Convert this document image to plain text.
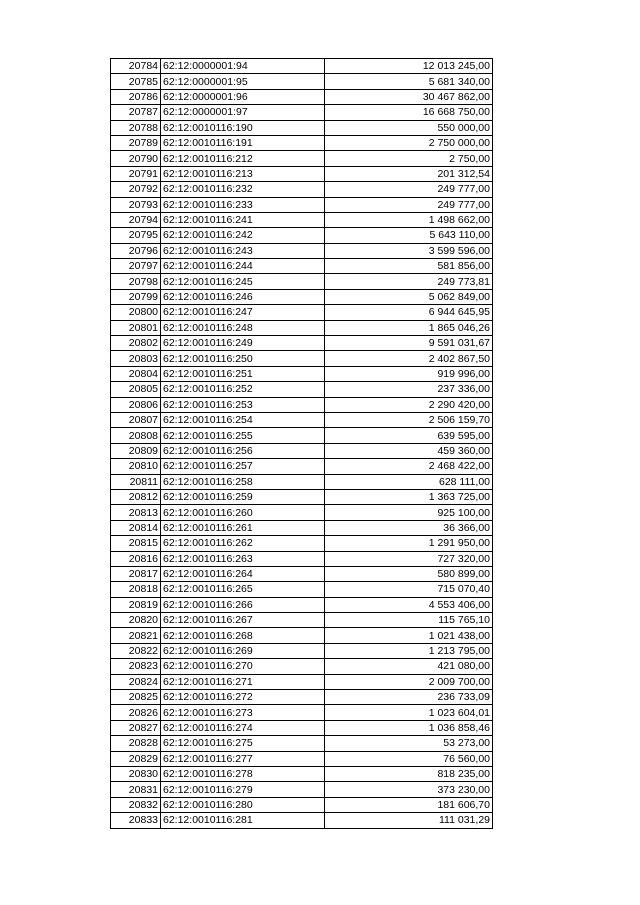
20784	62:12:0000001:94	12 013 245,00
20785	62:12:0000001:95	5 681 340,00
20786	62:12:0000001:96	30 467 862,00
20787	62:12:0000001:97	16 668 750,00
20788	62:12:0010116:190	550 000,00
20789	62:12:0010116:191	2 750 000,00
20790	62:12:0010116:212	2 750,00
20791	62:12:0010116:213	201 312,54
20792	62:12:0010116:232	249 777,00
20793	62:12:0010116:233	249 777,00
20794	62:12:0010116:241	1 498 662,00
20795	62:12:0010116:242	5 643 110,00
20796	62:12:0010116:243	3 599 596,00
20797	62:12:0010116:244	581 856,00
20798	62:12:0010116:245	249 773,81
20799	62:12:0010116:246	5 062 849,00
20800	62:12:0010116:247	6 944 645,95
20801	62:12:0010116:248	1 865 046,26
20802	62:12:0010116:249	9 591 031,67
20803	62:12:0010116:250	2 402 867,50
20804	62:12:0010116:251	919 996,00
20805	62:12:0010116:252	237 336,00
20806	62:12:0010116:253	2 290 420,00
20807	62:12:0010116:254	2 506 159,70
20808	62:12:0010116:255	639 595,00
20809	62:12:0010116:256	459 360,00
20810	62:12:0010116:257	2 468 422,00
20811	62:12:0010116:258	628 111,00
20812	62:12:0010116:259	1 363 725,00
20813	62:12:0010116:260	925 100,00
20814	62:12:0010116:261	36 366,00
20815	62:12:0010116:262	1 291 950,00
20816	62:12:0010116:263	727 320,00
20817	62:12:0010116:264	580 899,00
20818	62:12:0010116:265	715 070,40
20819	62:12:0010116:266	4 553 406,00
20820	62:12:0010116:267	115 765,10
20821	62:12:0010116:268	1 021 438,00
20822	62:12:0010116:269	1 213 795,00
20823	62:12:0010116:270	421 080,00
20824	62:12:0010116:271	2 009 700,00
20825	62:12:0010116:272	236 733,09
20826	62:12:0010116:273	1 023 604,01
20827	62:12:0010116:274	1 036 858,46
20828	62:12:0010116:275	53 273,00
20829	62:12:0010116:277	76 560,00
20830	62:12:0010116:278	818 235,00
20831	62:12:0010116:279	373 230,00
20832	62:12:0010116:280	181 606,70
20833	62:12:0010116:281	111 031,29
